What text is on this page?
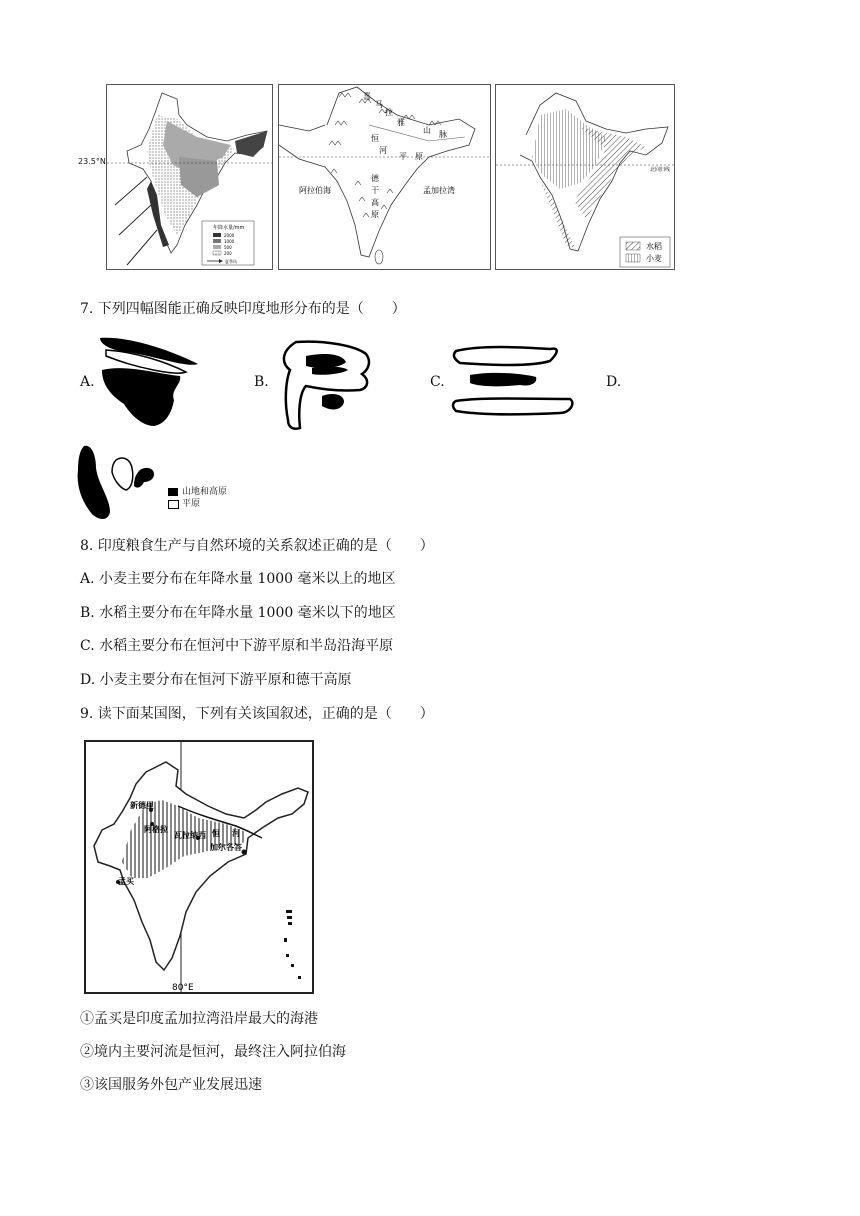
年降水量/mm
2000
1000
500
200
夏季风
23.5°N
喜
马
拉
雅
山 脉
恒
河
平 原
德
干
高
原
阿拉伯海	孟加拉湾
北回归线
水稻
小麦
7. 下列四幅图能正确反映印度地形分布的是（　　）
A.	B.	C.	D.
山地和高原
平原
8. 印度粮食生产与自然环境的关系叙述正确的是（　　）
A. 小麦主要分布在年降水量 1000 毫米以上的地区
B. 水稻主要分布在年降水量 1000 毫米以下的地区
C. 水稻主要分布在恒河中下游平原和半岛沿海平原
D. 小麦主要分布在恒河下游平原和德干高原
9. 读下面某国图，下列有关该国叙述，正确的是（　　）
新德里
阿格拉
瓦拉纳西 恒 河
加尔各答
孟买
80°E
①孟买是印度孟加拉湾沿岸最大的海港
②境内主要河流是恒河，最终注入阿拉伯海
③该国服务外包产业发展迅速
